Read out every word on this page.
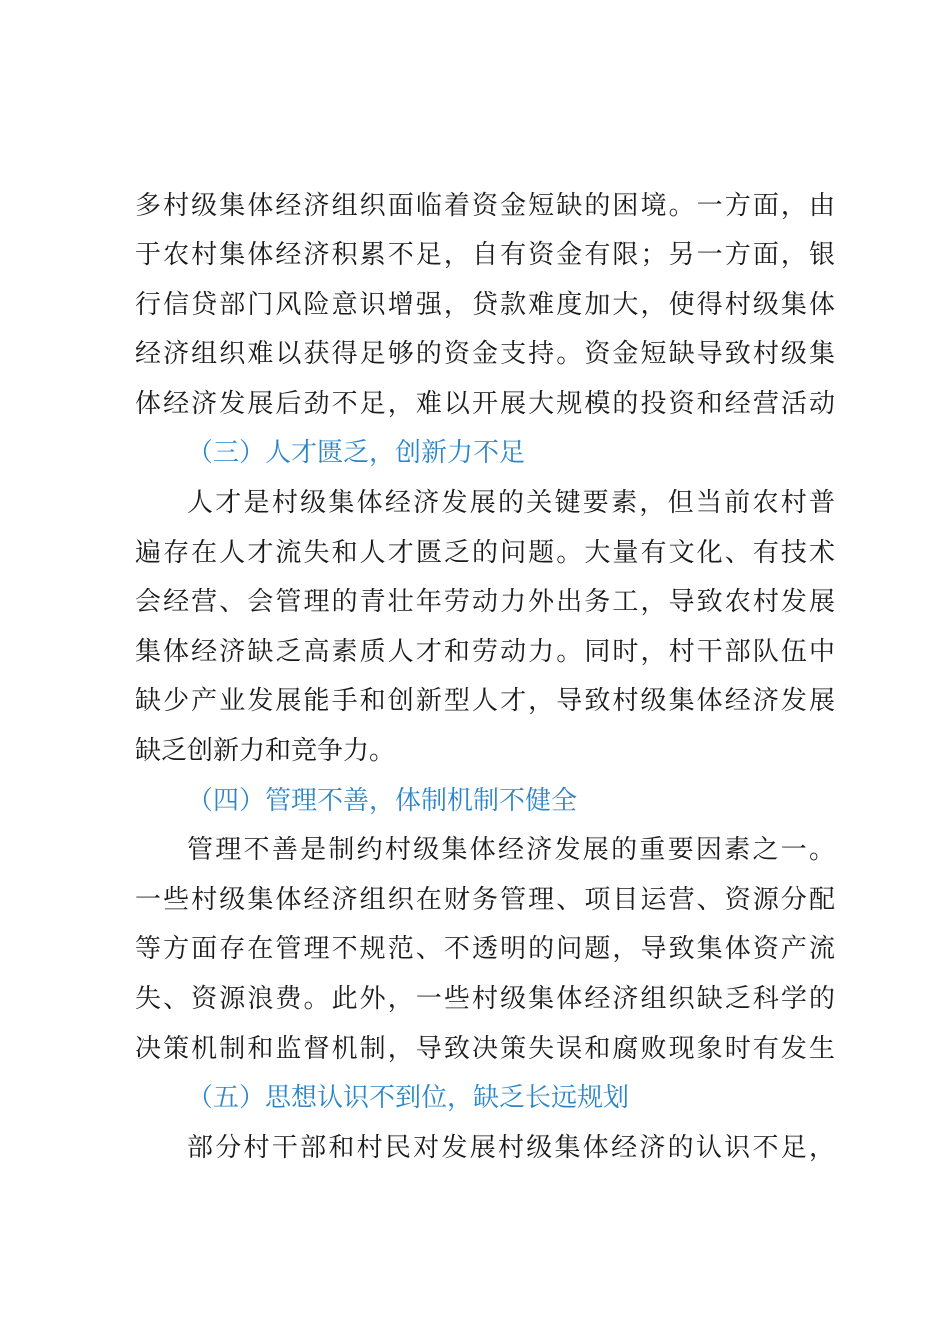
多村级集体经济组织面临着资金短缺的困境。一方面，由
于农村集体经济积累不足，自有资金有限；另一方面，银
行信贷部门风险意识增强，贷款难度加大，使得村级集体
经济组织难以获得足够的资金支持。资金短缺导致村级集
体经济发展后劲不足，难以开展大规模的投资和经营活动
（三）人才匮乏，创新力不足
人才是村级集体经济发展的关键要素，但当前农村普
遍存在人才流失和人才匮乏的问题。大量有文化、有技术
会经营、会管理的青壮年劳动力外出务工，导致农村发展
集体经济缺乏高素质人才和劳动力。同时，村干部队伍中
缺少产业发展能手和创新型人才，导致村级集体经济发展
缺乏创新力和竞争力。
（四）管理不善，体制机制不健全
管理不善是制约村级集体经济发展的重要因素之一。
一些村级集体经济组织在财务管理、项目运营、资源分配
等方面存在管理不规范、不透明的问题，导致集体资产流
失、资源浪费。此外，一些村级集体经济组织缺乏科学的
决策机制和监督机制，导致决策失误和腐败现象时有发生
（五）思想认识不到位，缺乏长远规划
部分村干部和村民对发展村级集体经济的认识不足，
